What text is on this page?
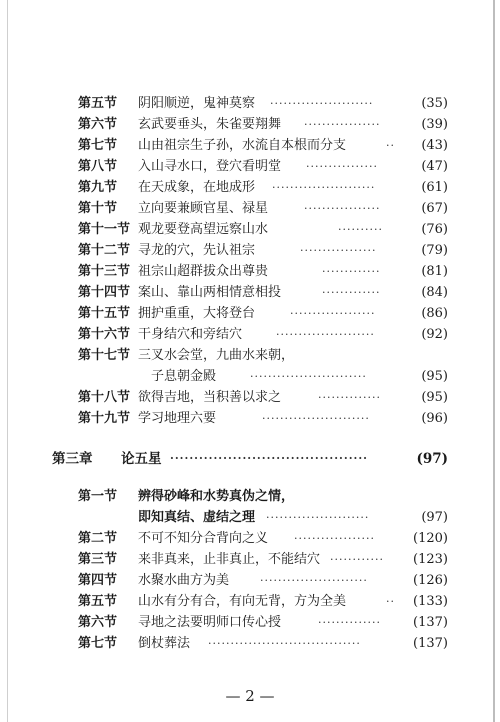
第五节 阴阳顺逆，鬼神莫察 ·······················	(35)
第六节 玄武要垂头，朱雀要翔舞 ·················	(39)
第七节 山由祖宗生子孙，水流自本根而分支	··	(43)
第八节 入山寻水口，登穴看明堂 ················	(47)
第九节 在天成象，在地成形 ·······················	(61)
第十节 立向要兼顾官星、禄星	·················	(67)
第十一节 观龙要登高望远察山水	··········	(76)
第十二节 寻龙的穴，先认祖宗	·················	(79)
第十三节 祖宗山超群拔众出尊贵	·············	(81)
第十四节 案山、靠山两相情意相投	·············	(84)
第十五节 拥护重重，大将登台	···················	(86)
第十六节 干身结穴和旁结穴	······················	(92)
第十七节 三叉水会堂，九曲水来朝，
子息朝金殿	··························	(95)
第十八节 欲得吉地，当积善以求之	··············	(95)
第十九节 学习地理六要	························	(96)
第三章 论五星 ·········································	(97)
第一节 辨得砂峰和水势真伪之情，
即知真结、虚结之理 ·······················	(97)
第二节 不可不知分合背向之义 ··················	(120)
第三节 来非真来，止非真止，不能结穴 ············	(123)
第四节 水聚水曲方为美	························	(126)
第五节 山水有分有合，有向无背，方为全美	··	(133)
第六节 寻地之法要明师口传心授	··············	(137)
第七节 倒杖葬法 ··································	(137)
— 2 —
